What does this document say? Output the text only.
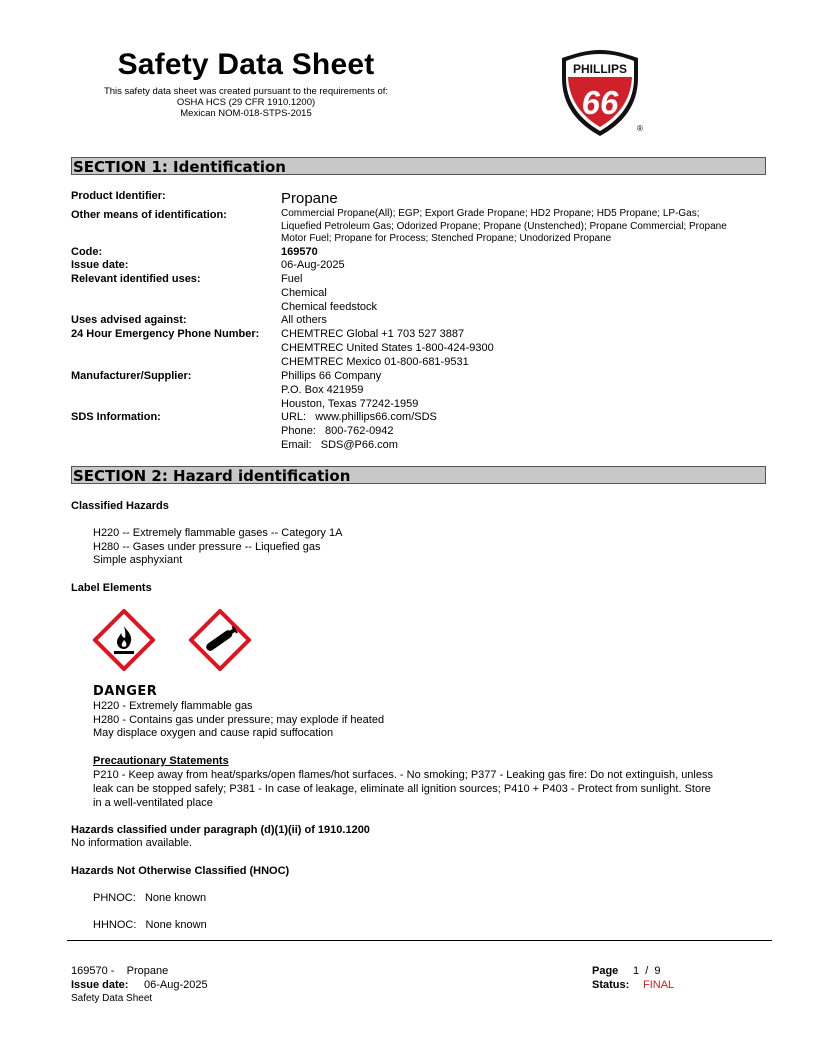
Safety Data Sheet
This safety data sheet was created pursuant to the requirements of:
OSHA HCS (29 CFR 1910.1200)
Mexican NOM-018-STPS-2015
PHILLIPS
66
®
SECTION 1: Identification
Product Identifier:	Propane
Other means of identification:	Commercial Propane(All); EGP; Export Grade Propane; HD2 Propane; HD5 Propane; LP-Gas;
Liquefied Petroleum Gas; Odorized Propane; Propane (Unstenched); Propane Commercial; Propane
Motor Fuel; Propane for Process; Stenched Propane; Unodorized Propane
Code:	169570
Issue date:	06-Aug-2025
Relevant identified uses:	Fuel
Chemical
Chemical feedstock
Uses advised against:	All others
24 Hour Emergency Phone Number: CHEMTREC Global +1 703 527 3887
CHEMTREC United States 1-800-424-9300
CHEMTREC Mexico 01-800-681-9531
Manufacturer/Supplier:	Phillips 66 Company
P.O. Box 421959
Houston, Texas 77242-1959
SDS Information:	URL:   www.phillips66.com/SDS
Phone:   800-762-0942
Email:   SDS@P66.com
SECTION 2: Hazard identification
Classified Hazards
H220 -- Extremely flammable gases -- Category 1A
H280 -- Gases under pressure -- Liquefied gas
Simple asphyxiant
Label Elements
DANGER
H220 - Extremely flammable gas
H280 - Contains gas under pressure; may explode if heated
May displace oxygen and cause rapid suffocation
Precautionary Statements
P210 - Keep away from heat/sparks/open flames/hot surfaces. - No smoking; P377 - Leaking gas fire: Do not extinguish, unless
leak can be stopped safely; P381 - In case of leakage, eliminate all ignition sources; P410 + P403 - Protect from sunlight. Store
in a well-ventilated place
Hazards classified under paragraph (d)(1)(ii) of 1910.1200
No information available.
Hazards Not Otherwise Classified (HNOC)
PHNOC:   None known
HHNOC:   None known
169570 -    Propane
Issue date: 06-Aug-2025
Safety Data Sheet
Page 1  /  9
Status: FINAL
